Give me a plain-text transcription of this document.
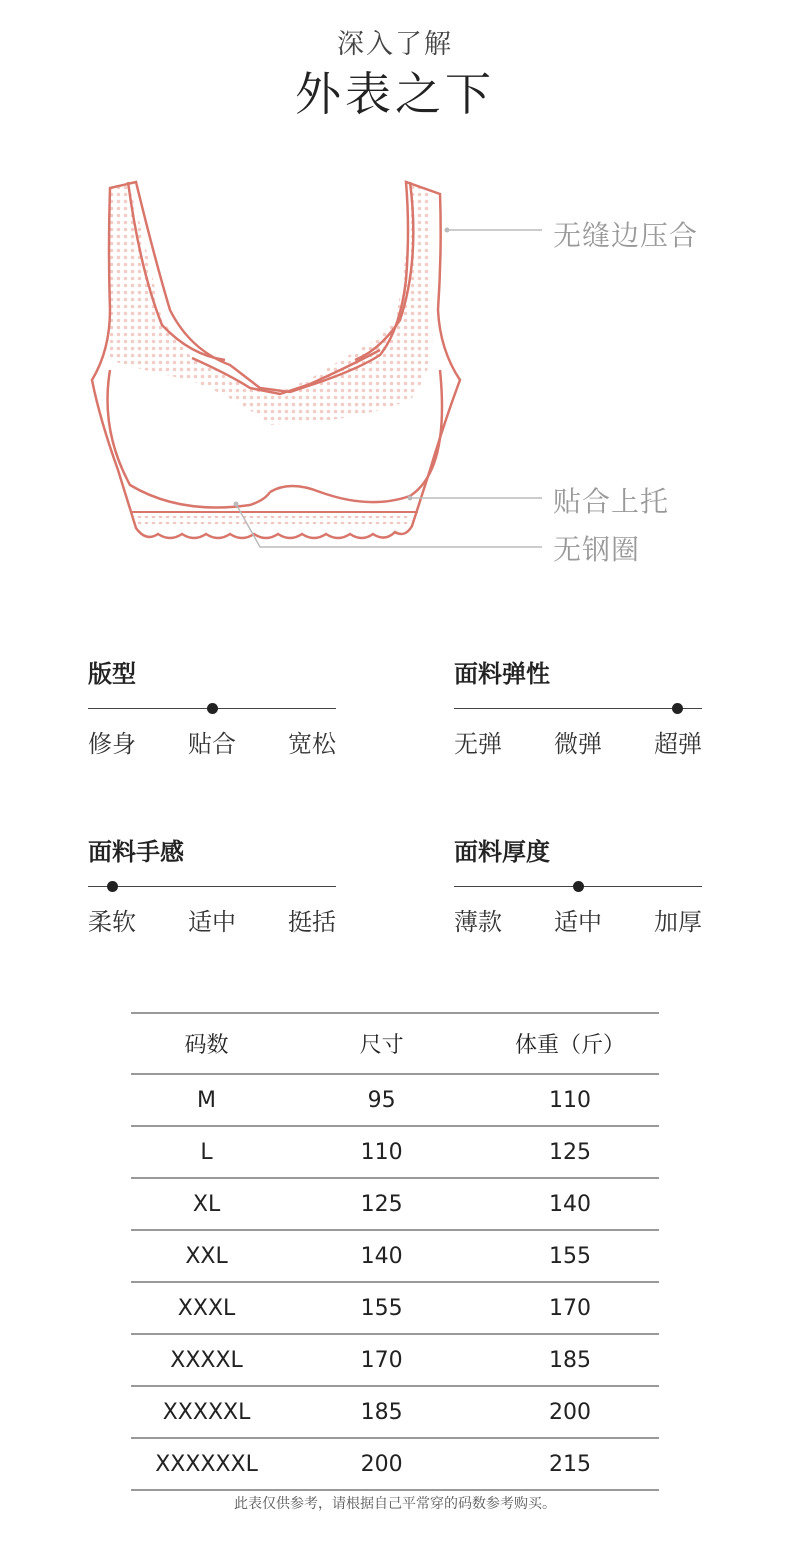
深入了解
外表之下
无缝边压合
贴合上托
无钢圈
版型
修身 贴合 宽松
面料弹性
无弹 微弹 超弹
面料手感
柔软 适中 挺括
面料厚度
薄款 适中 加厚
码数	尺寸	体重（斤）
M	95	110
L	110	125
XL	125	140
XXL	140	155
XXXL	155	170
XXXXL	170	185
XXXXXL	185	200
XXXXXXL	200	215
此表仅供参考，请根据自己平常穿的码数参考购买。
